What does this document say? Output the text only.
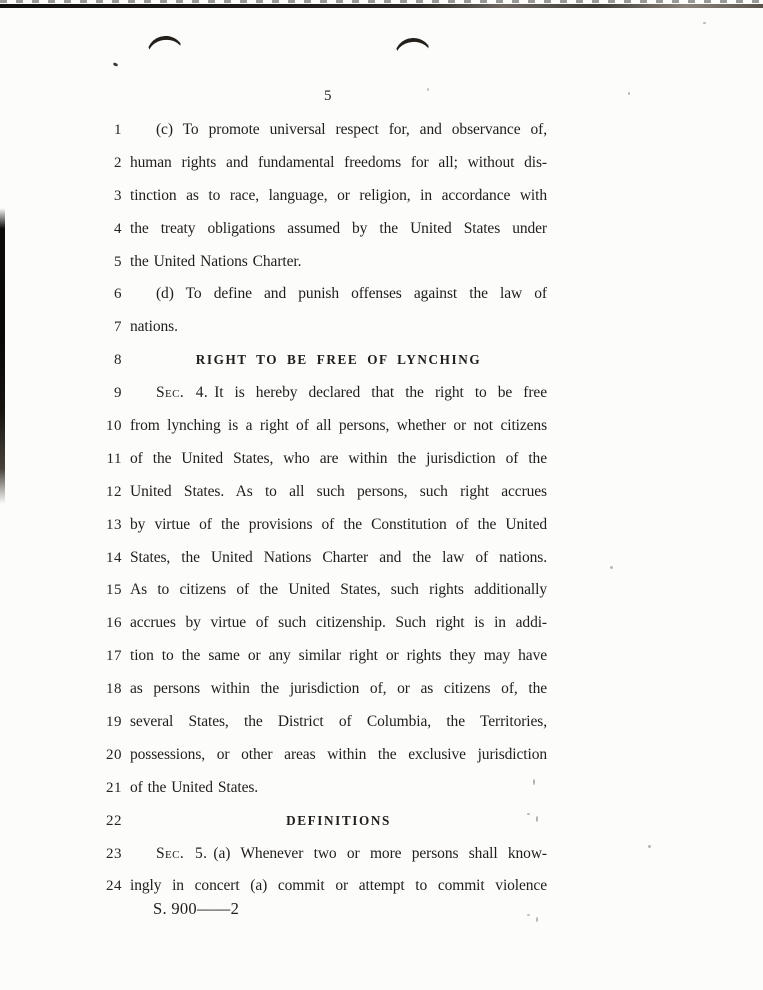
5
1	(c) To promote universal respect for, and observance of,
2 human rights and fundamental freedoms for all; without dis-
3 tinction as to race, language, or religion, in accordance with
4 the treaty obligations assumed by the United States under
5 the United Nations Charter.
6	(d) To define and punish offenses against the law of
7 nations.
8	RIGHT TO BE FREE OF LYNCHING
9	Sec. 4. It is hereby declared that the right to be free
10 from lynching is a right of all persons, whether or not citizens
11 of the United States, who are within the jurisdiction of the
12 United States. As to all such persons, such right accrues
13 by virtue of the provisions of the Constitution of the United
14 States, the United Nations Charter and the law of nations.
15 As to citizens of the United States, such rights additionally
16 accrues by virtue of such citizenship. Such right is in addi-
17 tion to the same or any similar right or rights they may have
18 as persons within the jurisdiction of, or as citizens of, the
19 several States, the District of Columbia, the Territories,
20 possessions, or other areas within the exclusive jurisdiction
21 of the United States.
22	DEFINITIONS
23	Sec. 5. (a) Whenever two or more persons shall know-
24 ingly in concert (a) commit or attempt to commit violence
S. 900——2
